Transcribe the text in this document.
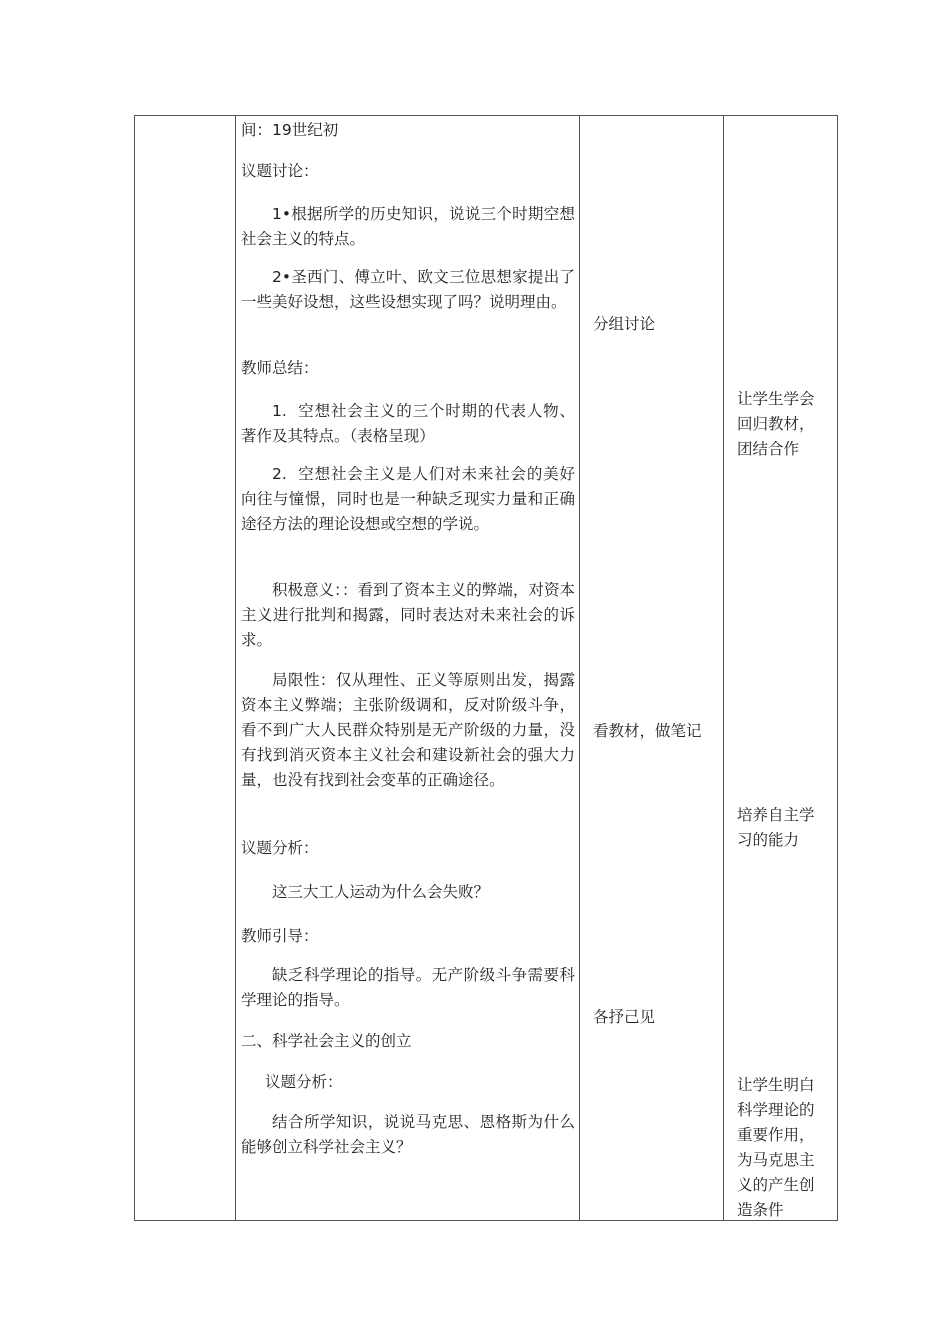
间：19世纪初

议题讨论：

1•根据所学的历史知识，说说三个时期空想社会主义的特点。

2•圣西门、傅立叶、欧文三位思想家提出了一些美好设想，这些设想实现了吗？说明理由。

教师总结：

1.  空想社会主义的三个时期的代表人物、著作及其特点。（表格呈现）

2.  空想社会主义是人们对未来社会的美好向往与憧憬，同时也是一种缺乏现实力量和正确途径方法的理论设想或空想的学说。

积极意义：：看到了资本主义的弊端，对资本主义进行批判和揭露，同时表达对未来社会的诉求。

局限性：仅从理性、正义等原则出发，揭露资本主义弊端；主张阶级调和，反对阶级斗争，看不到广大人民群众特别是无产阶级的力量，没有找到消灭资本主义社会和建设新社会的强大力量，也没有找到社会变革的正确途径。

议题分析：

这三大工人运动为什么会失败？

教师引导：

缺乏科学理论的指导。无产阶级斗争需要科学理论的指导。

二、科学社会主义的创立

议题分析：

结合所学知识，说说马克思、恩格斯为什么能够创立科学社会主义？

分组讨论

看教材，做笔记

各抒己见

让学生学会回归教材，团结合作

培养自主学习的能力

让学生明白科学理论的重要作用，为马克思主义的产生创造条件
